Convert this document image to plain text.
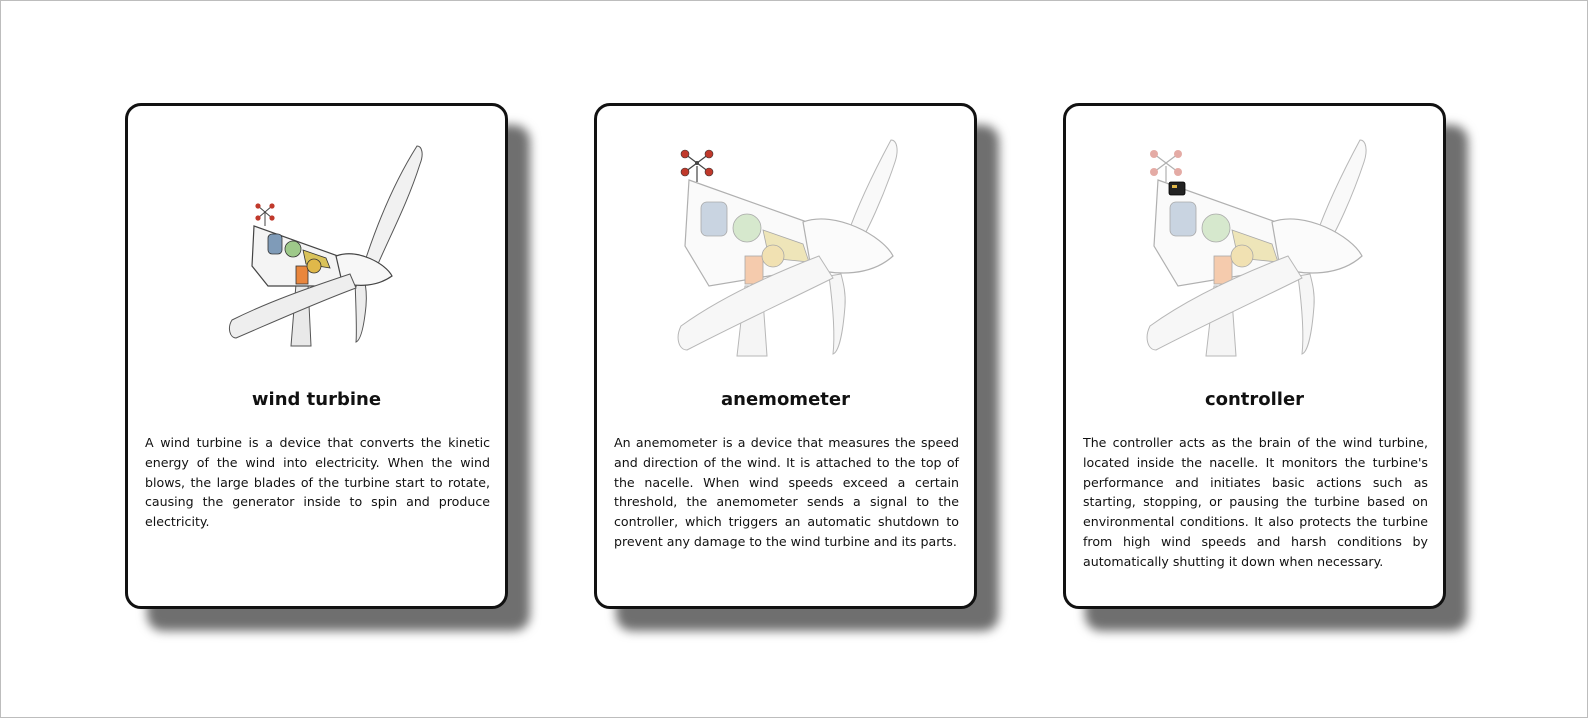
wind turbine
A wind turbine is a device that converts the kinetic energy of the wind into electricity. When the wind blows, the large blades of the turbine start to rotate, causing the generator inside to spin and produce electricity.
anemometer
An anemometer is a device that measures the speed and direction of the wind. It is attached to the top of the nacelle. When wind speeds exceed a certain threshold, the anemometer sends a signal to the controller, which triggers an automatic shutdown to prevent any damage to the wind turbine and its parts.
controller
The controller acts as the brain of the wind turbine, located inside the nacelle. It monitors the turbine's performance and initiates basic actions such as starting, stopping, or pausing the turbine based on environmental conditions. It also protects the turbine from high wind speeds and harsh conditions by automatically shutting it down when necessary.
